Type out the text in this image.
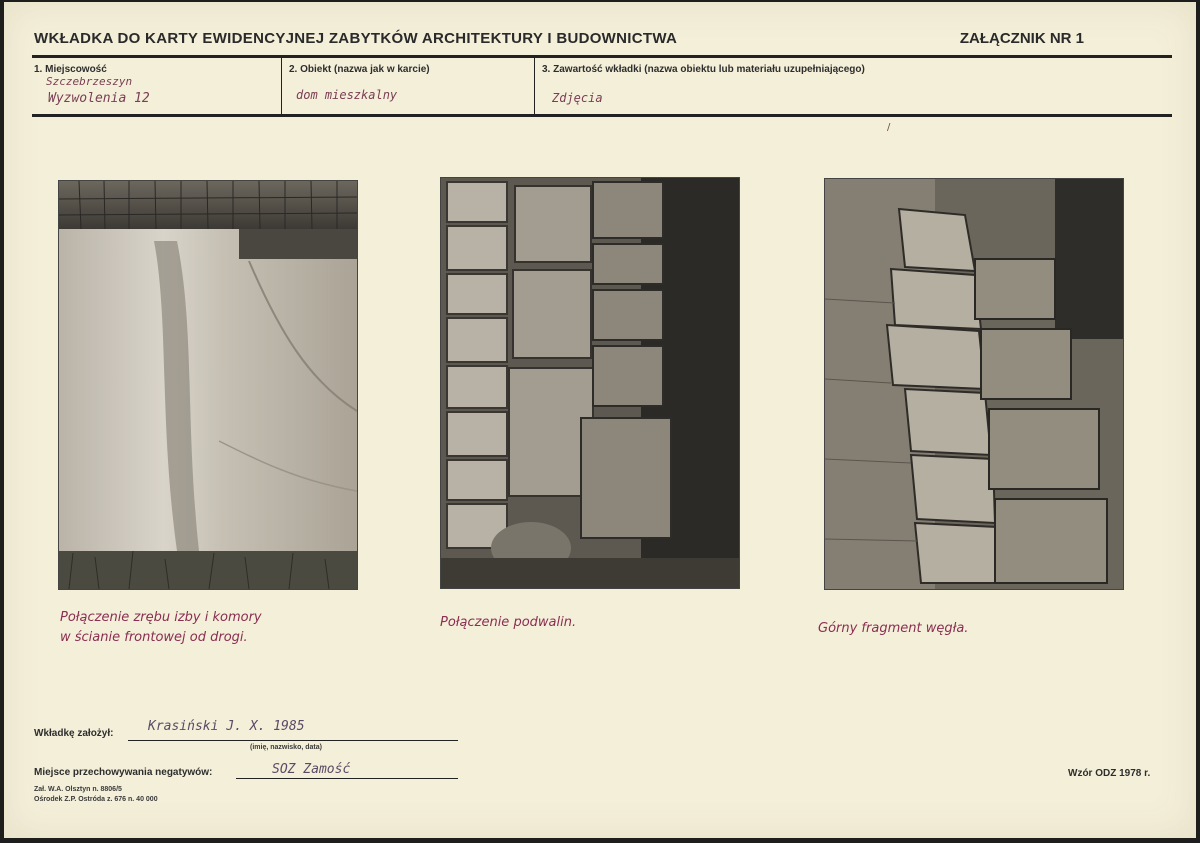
WKŁADKA DO KARTY EWIDENCYJNEJ ZABYTKÓW ARCHITEKTURY I BUDOWNICTWA	ZAŁĄCZNIK NR 1
1. Miejscowość
Szczebrzeszyn
Wyzwolenia 12
2. Obiekt (nazwa jak w karcie)
dom mieszkalny
3. Zawartość wkładki (nazwa obiektu lub materiału uzupełniającego)
Zdjęcia
/
Połączenie zrębu izby i komory
w ścianie frontowej od drogi.
Połączenie podwalin.	Górny fragment węgła.
Wkładkę założył:	Krasiński J. X. 1985
(imię, nazwisko, data)
Miejsce przechowywania negatywów:	SOZ Zamość
Zał. W.A. Olsztyn n. 8806/5
Ośrodek Z.P. Ostróda z. 676 n. 40 000
Wzór ODZ 1978 r.
